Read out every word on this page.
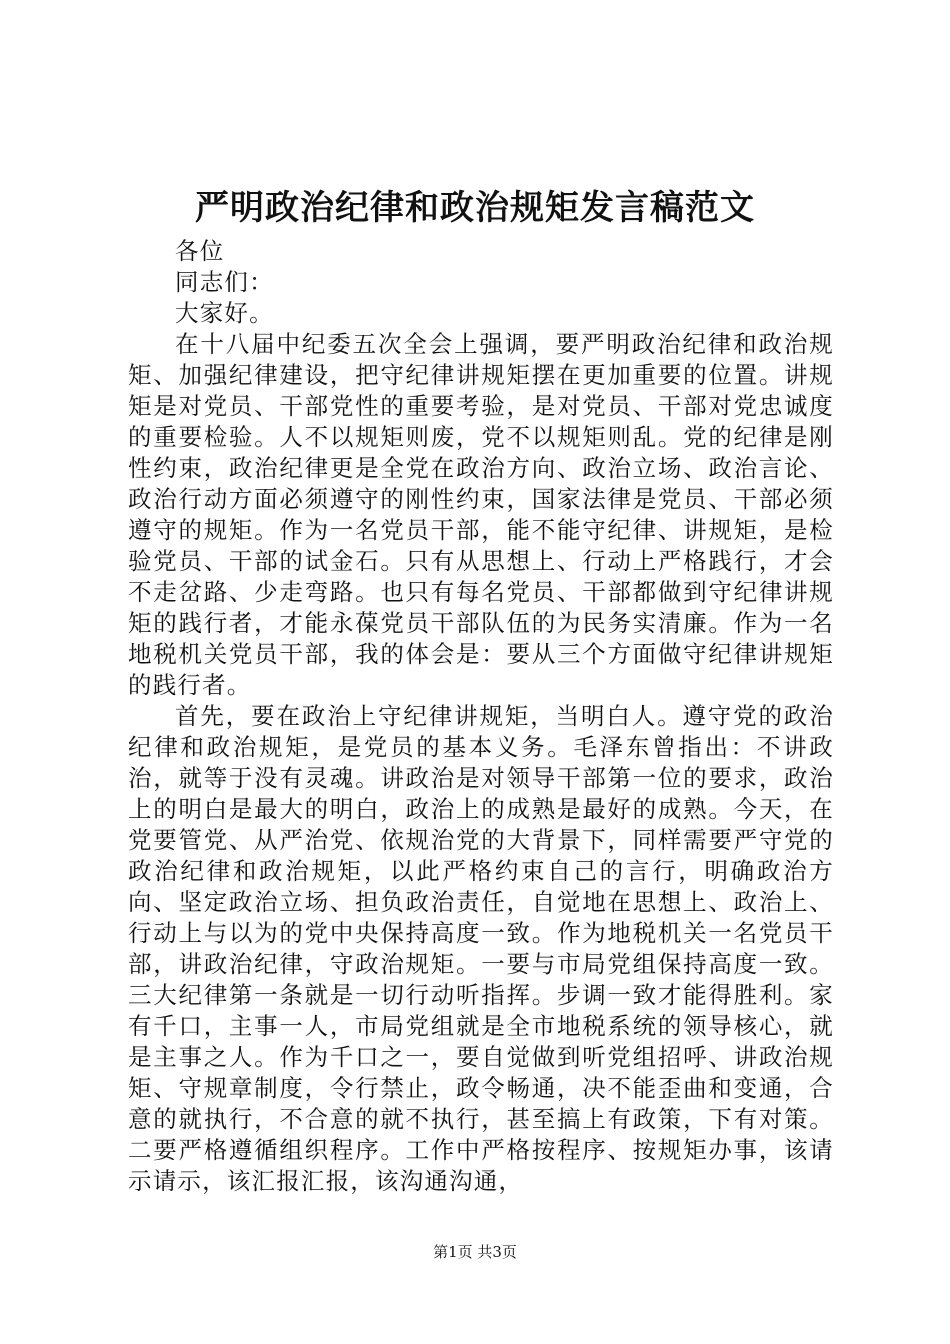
严明政治纪律和政治规矩发言稿范文

各位

同志们：

大家好。

在十八届中纪委五次全会上强调，要严明政治纪律和政治规矩、加强纪律建设，把守纪律讲规矩摆在更加重要的位置。讲规矩是对党员、干部党性的重要考验，是对党员、干部对党忠诚度的重要检验。人不以规矩则废，党不以规矩则乱。党的纪律是刚性约束，政治纪律更是全党在政治方向、政治立场、政治言论、政治行动方面必须遵守的刚性约束，国家法律是党员、干部必须遵守的规矩。作为一名党员干部，能不能守纪律、讲规矩，是检验党员、干部的试金石。只有从思想上、行动上严格践行，才会不走岔路、少走弯路。也只有每名党员、干部都做到守纪律讲规矩的践行者，才能永葆党员干部队伍的为民务实清廉。作为一名地税机关党员干部，我的体会是：要从三个方面做守纪律讲规矩的践行者。

首先，要在政治上守纪律讲规矩，当明白人。遵守党的政治纪律和政治规矩，是党员的基本义务。毛泽东曾指出：不讲政治，就等于没有灵魂。讲政治是对领导干部第一位的要求，政治上的明白是最大的明白，政治上的成熟是最好的成熟。今天，在党要管党、从严治党、依规治党的大背景下，同样需要严守党的政治纪律和政治规矩，以此严格约束自己的言行，明确政治方向、坚定政治立场、担负政治责任，自觉地在思想上、政治上、行动上与以为的党中央保持高度一致。作为地税机关一名党员干部，讲政治纪律，守政治规矩。一要与市局党组保持高度一致。三大纪律第一条就是一切行动听指挥。步调一致才能得胜利。家有千口，主事一人，市局党组就是全市地税系统的领导核心，就是主事之人。作为千口之一，要自觉做到听党组招呼、讲政治规矩、守规章制度，令行禁止，政令畅通，决不能歪曲和变通，合意的就执行，不合意的就不执行，甚至搞上有政策，下有对策。二要严格遵循组织程序。工作中严格按程序、按规矩办事，该请示请示，该汇报汇报，该沟通沟通，

第1页 共3页
